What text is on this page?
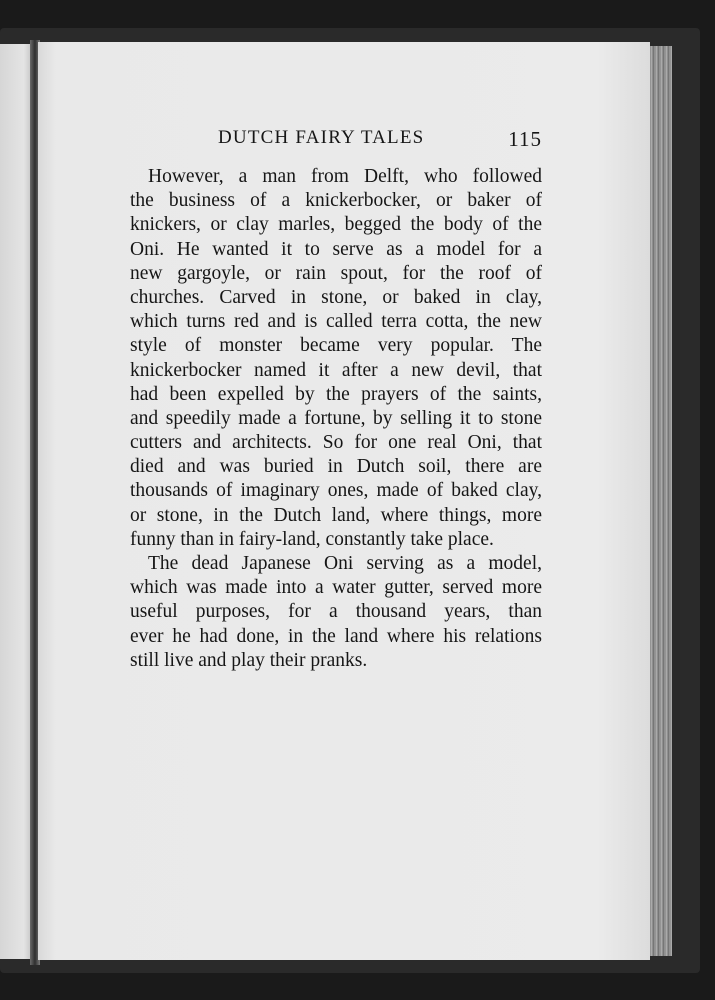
DUTCH FAIRY TALES	115
However, a man from Delft, who followed
the business of a knickerbocker, or baker of
knickers, or clay marles, begged the body of the
Oni. He wanted it to serve as a model for a
new gargoyle, or rain spout, for the roof of
churches. Carved in stone, or baked in clay,
which turns red and is called terra cotta, the new
style of monster became very popular. The
knickerbocker named it after a new devil, that
had been expelled by the prayers of the saints,
and speedily made a fortune, by selling it to stone
cutters and architects. So for one real Oni, that
died and was buried in Dutch soil, there are
thousands of imaginary ones, made of baked clay,
or stone, in the Dutch land, where things, more
funny than in fairy-land, constantly take place.
The dead Japanese Oni serving as a model,
which was made into a water gutter, served more
useful purposes, for a thousand years, than
ever he had done, in the land where his relations
still live and play their pranks.
